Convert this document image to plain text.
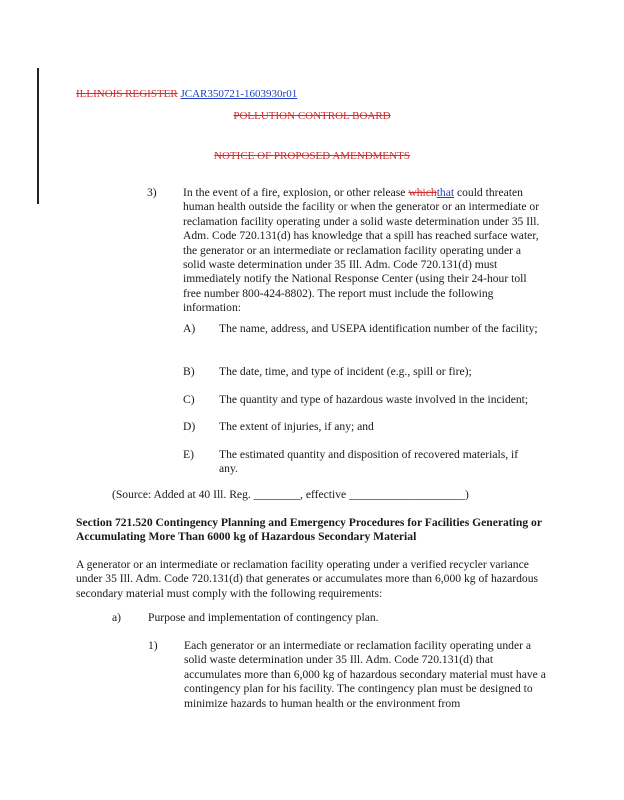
ILLINOIS REGISTER JCAR350721-1603930r01
POLLUTION CONTROL BOARD
NOTICE OF PROPOSED AMENDMENTS
3) In the event of a fire, explosion, or other release whichthat could threaten human health outside the facility or when the generator or an intermediate or reclamation facility operating under a solid waste determination under 35 Ill. Adm. Code 720.131(d) has knowledge that a spill has reached surface water, the generator or an intermediate or reclamation facility operating under a solid waste determination under 35 Ill. Adm. Code 720.131(d) must immediately notify the National Response Center (using their 24-hour toll free number 800-424-8802). The report must include the following information:

A) The name, address, and USEPA identification number of the facility;

B) The date, time, and type of incident (e.g., spill or fire);

C) The quantity and type of hazardous waste involved in the incident;

D) The extent of injuries, if any; and

E) The estimated quantity and disposition of recovered materials, if any.

(Source: Added at 40 Ill. Reg. ________, effective ____________________)

Section 721.520 Contingency Planning and Emergency Procedures for Facilities Generating or Accumulating More Than 6000 kg of Hazardous Secondary Material

A generator or an intermediate or reclamation facility operating under a verified recycler variance under 35 Ill. Adm. Code 720.131(d) that generates or accumulates more than 6,000 kg of hazardous secondary material must comply with the following requirements:

a) Purpose and implementation of contingency plan.

1) Each generator or an intermediate or reclamation facility operating under a solid waste determination under 35 Ill. Adm. Code 720.131(d) that accumulates more than 6,000 kg of hazardous secondary material must have a contingency plan for his facility. The contingency plan must be designed to minimize hazards to human health or the environment from
